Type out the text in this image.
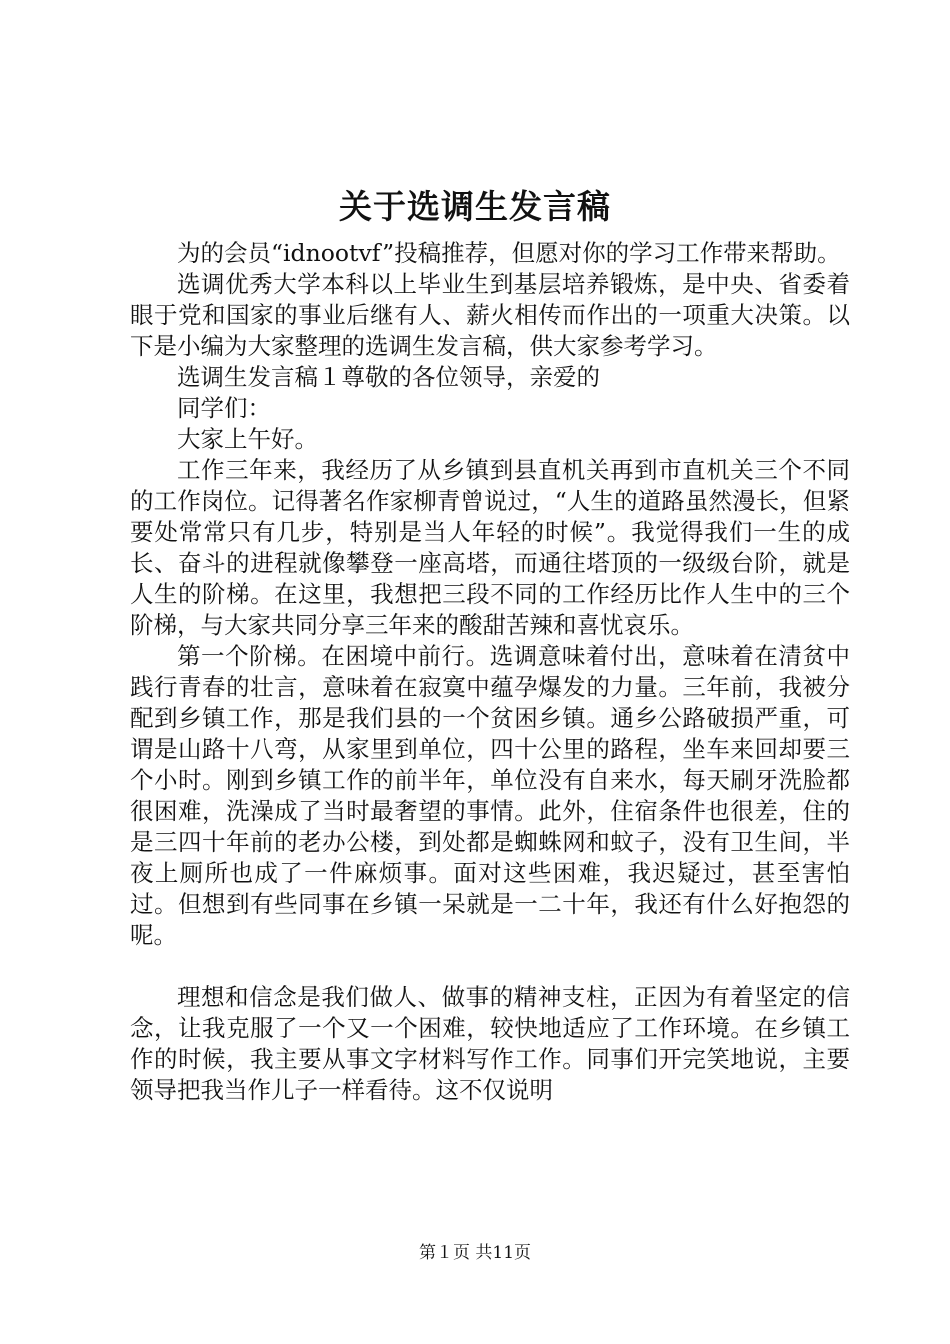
关于选调生发言稿

为的会员“idnootvf”投稿推荐，但愿对你的学习工作带来帮助。

选调优秀大学本科以上毕业生到基层培养锻炼，是中央、省委着眼于党和国家的事业后继有人、薪火相传而作出的一项重大决策。以下是小编为大家整理的选调生发言稿，供大家参考学习。

选调生发言稿１尊敬的各位领导，亲爱的

同学们：

大家上午好。

工作三年来，我经历了从乡镇到县直机关再到市直机关三个不同的工作岗位。记得著名作家柳青曾说过，“人生的道路虽然漫长，但紧要处常常只有几步，特别是当人年轻的时候”。我觉得我们一生的成长、奋斗的进程就像攀登一座高塔，而通往塔顶的一级级台阶，就是人生的阶梯。在这里，我想把三段不同的工作经历比作人生中的三个阶梯，与大家共同分享三年来的酸甜苦辣和喜忧哀乐。

第一个阶梯。在困境中前行。选调意味着付出，意味着在清贫中践行青春的壮言，意味着在寂寞中蕴孕爆发的力量。三年前，我被分配到乡镇工作，那是我们县的一个贫困乡镇。通乡公路破损严重，可谓是山路十八弯，从家里到单位，四十公里的路程，坐车来回却要三个小时。刚到乡镇工作的前半年，单位没有自来水，每天刷牙洗脸都很困难，洗澡成了当时最奢望的事情。此外，住宿条件也很差，住的是三四十年前的老办公楼，到处都是蜘蛛网和蚊子，没有卫生间，半夜上厕所也成了一件麻烦事。面对这些困难，我迟疑过，甚至害怕过。但想到有些同事在乡镇一呆就是一二十年，我还有什么好抱怨的呢。

理想和信念是我们做人、做事的精神支柱，正因为有着坚定的信念，让我克服了一个又一个困难，较快地适应了工作环境。在乡镇工作的时候，我主要从事文字材料写作工作。同事们开完笑地说，主要领导把我当作儿子一样看待。这不仅说明

第１页 共11页
